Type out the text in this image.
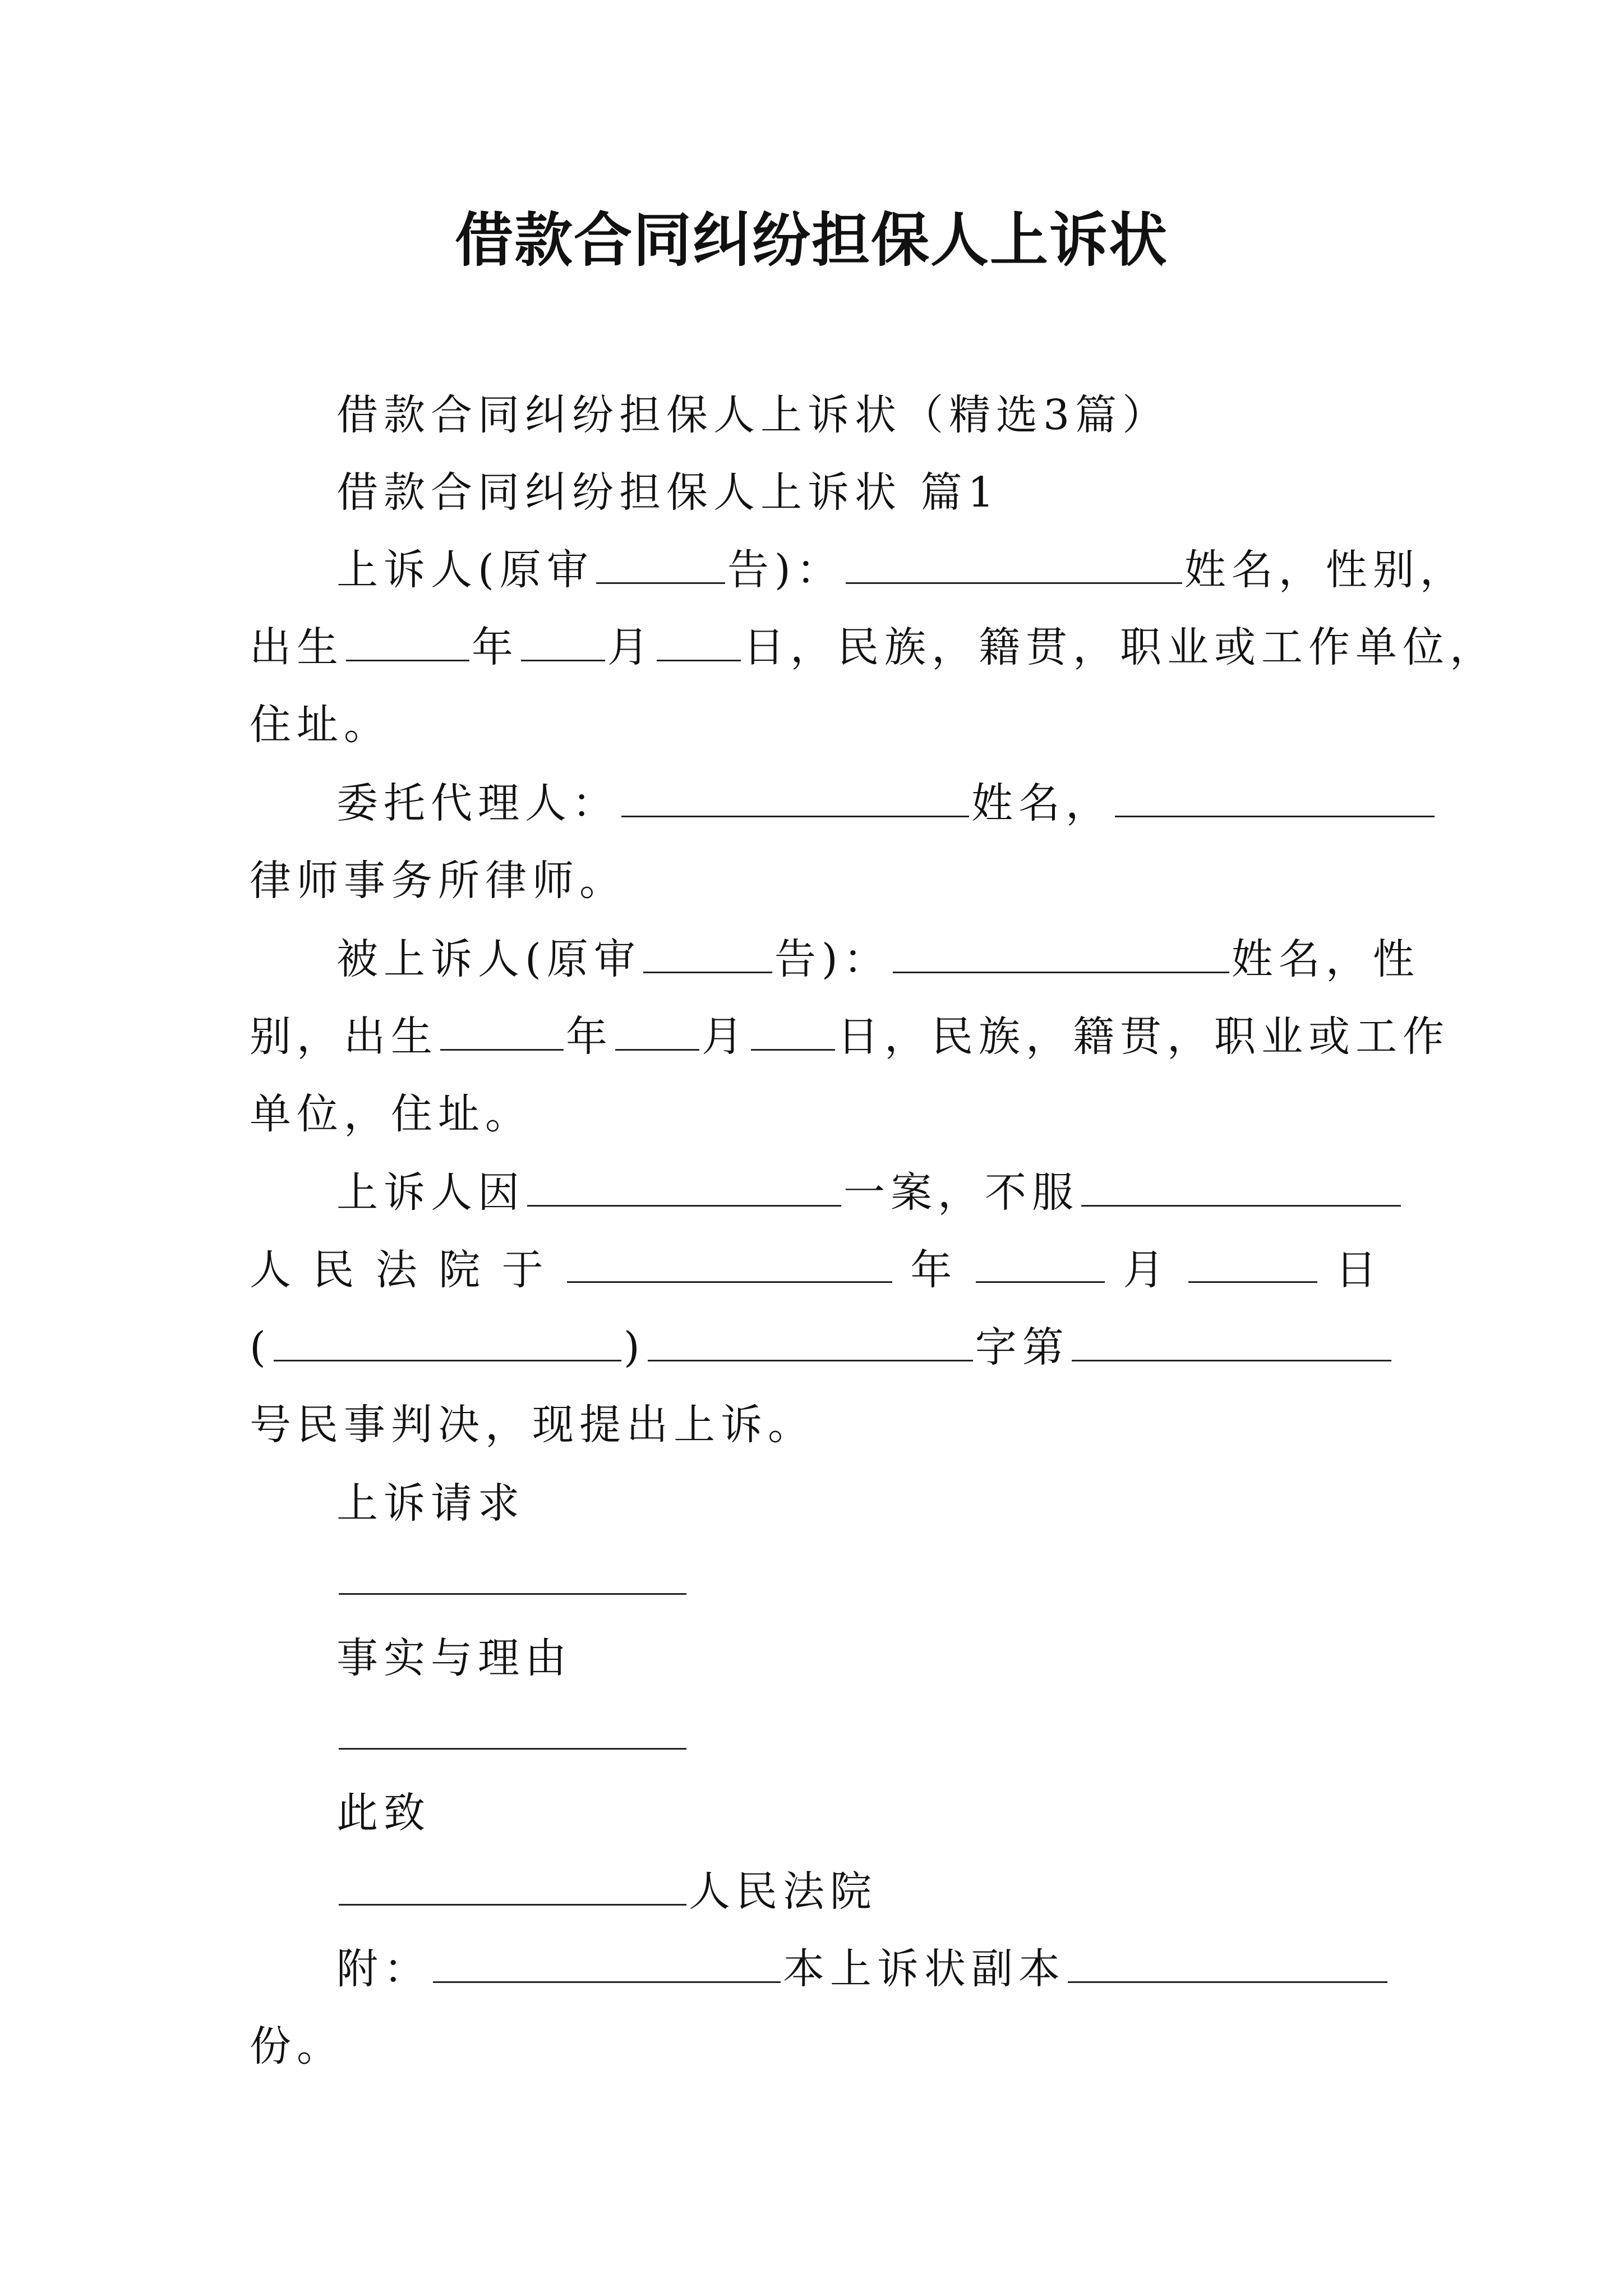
借款合同纠纷担保人上诉状
借款合同纠纷担保人上诉状（精选3篇）
借款合同纠纷担保人上诉状 篇1
上诉人(原审	告)：	姓名，性别，
出生	年 月 日，民族，籍贯，职业或工作单位，
住址。
委托代理人：	姓名，
律师事务所律师。
被上诉人(原审	告)：	姓名，性
别，出生	年 月 日，民族，籍贯，职业或工作
单位，住址。
上诉人因	一案，不服
人 民 法 院 于	年	月	日
(	)	字第
号民事判决，现提出上诉。
上诉请求
事实与理由
此致
人民法院
附：	本上诉状副本
份。
